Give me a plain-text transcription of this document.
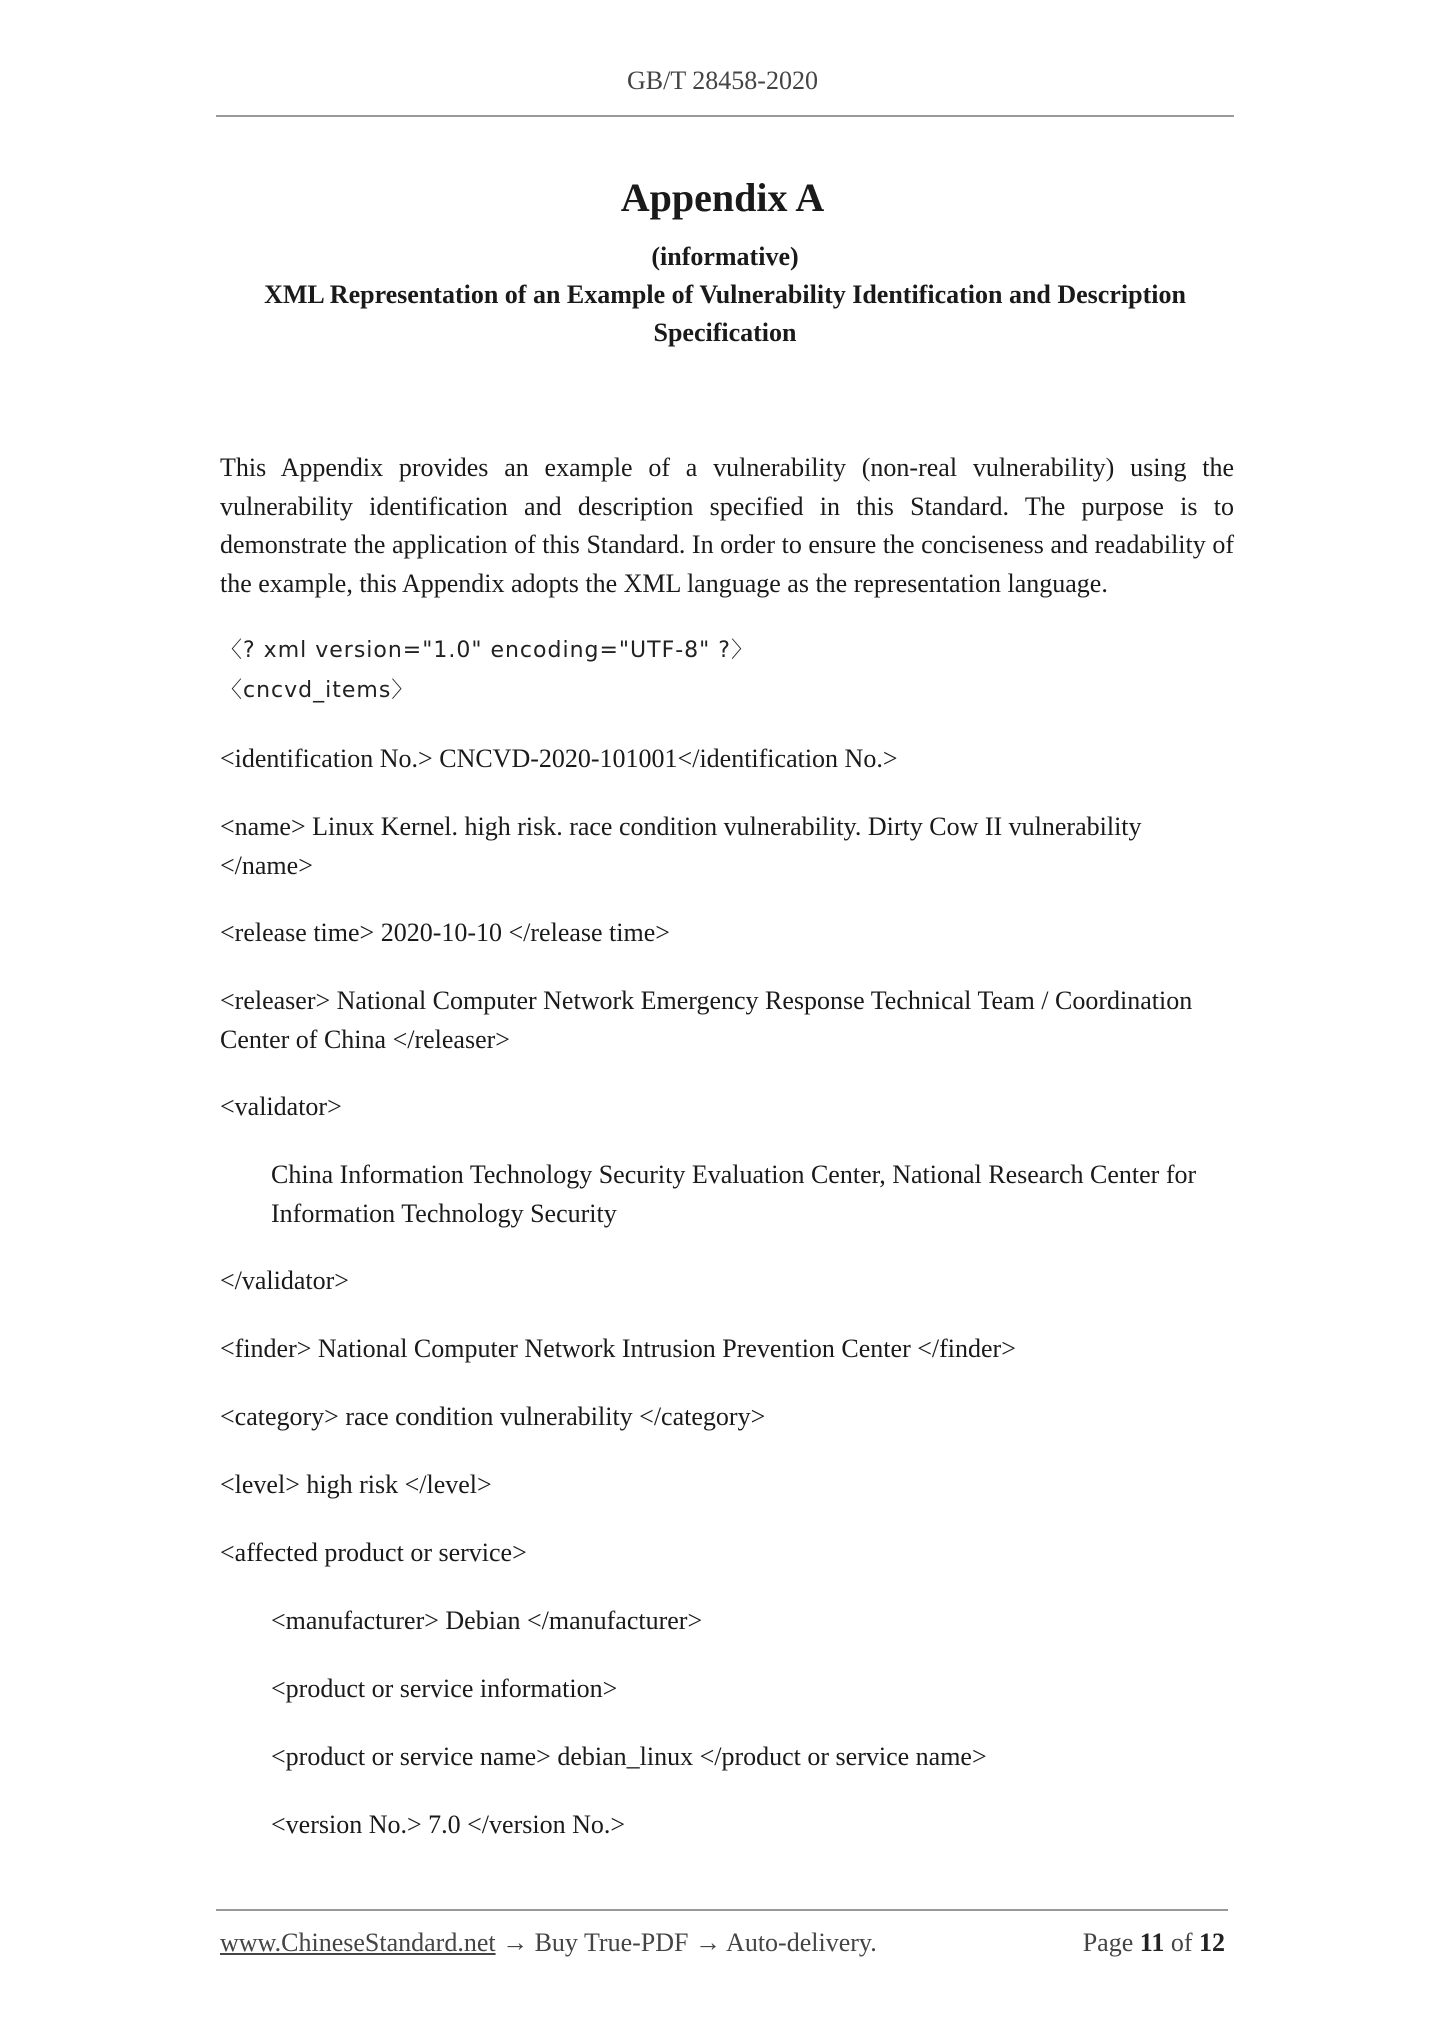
GB/T 28458-2020
Appendix A
(informative)
XML Representation of an Example of Vulnerability Identification and Description
Specification
This Appendix provides an example of a vulnerability (non-real vulnerability) using the vulnerability identification and description specified in this Standard. The purpose is to demonstrate the application of this Standard. In order to ensure the conciseness and readability of the example, this Appendix adopts the XML language as the representation language.
〈? xml version="1.0" encoding="UTF-8" ?〉
〈cncvd_items〉
<identification No.> CNCVD-2020-101001</identification No.>
<name> Linux Kernel. high risk. race condition vulnerability. Dirty Cow II vulnerability </name>
<release time> 2020-10-10 </release time>
<releaser> National Computer Network Emergency Response Technical Team / Coordination Center of China </releaser>
<validator>
China Information Technology Security Evaluation Center, National Research Center for Information Technology Security
</validator>
<finder> National Computer Network Intrusion Prevention Center </finder>
<category> race condition vulnerability </category>
<level> high risk </level>
<affected product or service>
<manufacturer> Debian </manufacturer>
<product or service information>
<product or service name> debian_linux </product or service name>
<version No.> 7.0 </version No.>
www.ChineseStandard.net → Buy True-PDF → Auto-delivery.	Page 11 of 12
